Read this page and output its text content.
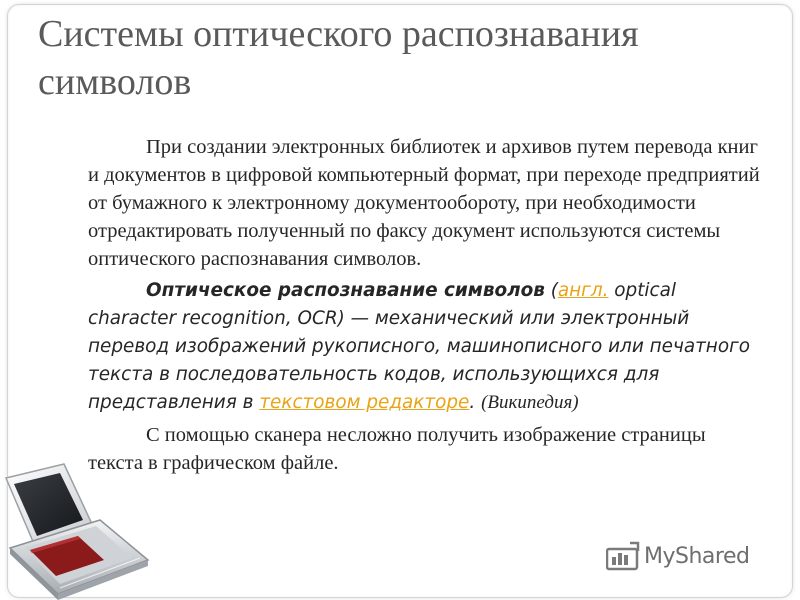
Системы оптического распознавания символов

При создании электронных библиотек и архивов путем перевода книг и документов в цифровой компьютерный формат, при переходе предприятий от бумажного к электронному документообороту, при необходимости отредактировать полученный по факсу документ используются системы оптического распознавания символов.

Оптическое распознавание символов (англ. optical character recognition, OCR) — механический или электронный перевод изображений рукописного, машинописного или печатного текста в последовательность кодов, использующихся для представления в текстовом редакторе. (Википедия)

С помощью сканера несложно получить изображение страницы текста в графическом файле.

MyShared
